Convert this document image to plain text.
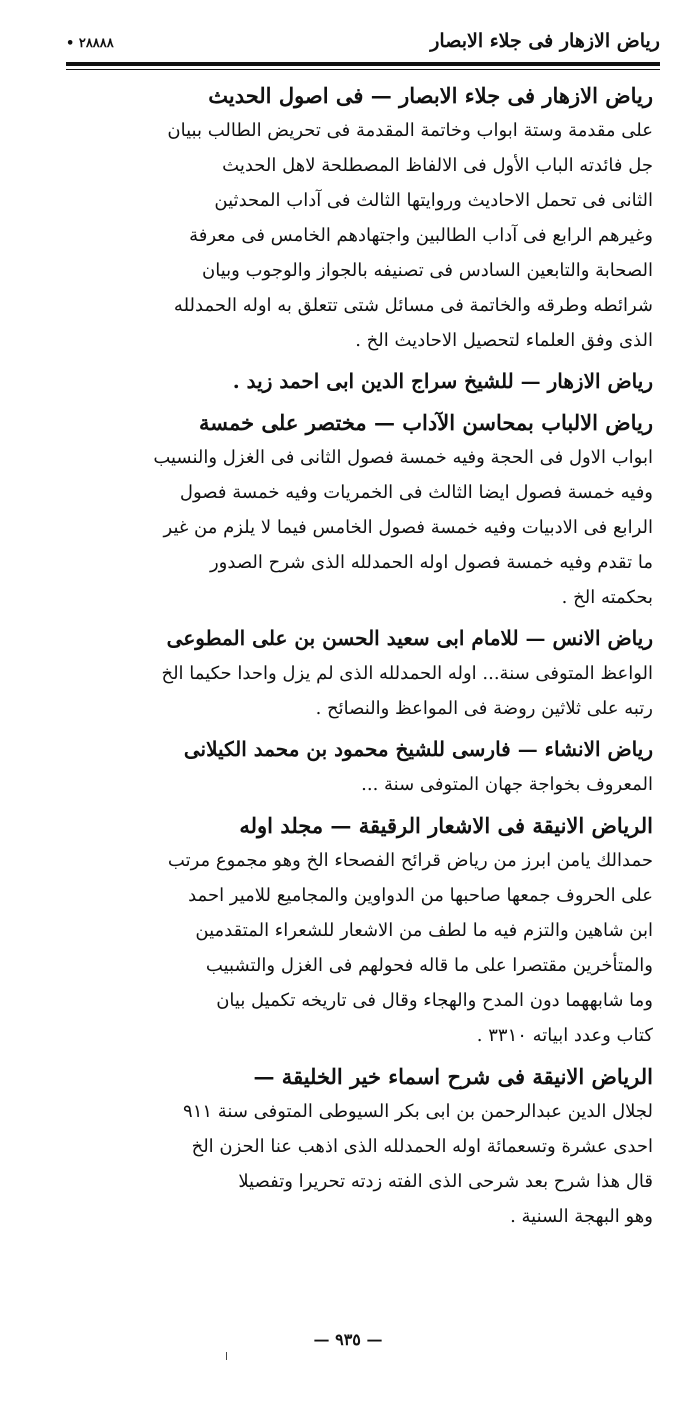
• ٢٨٨٨٨	رياض الازهار فى جلاء الابصار

رياض الازهار فى جلاء الابصار — فى اصول الحديث

على مقدمة وستة ابواب وخاتمة المقدمة فى تحريض الطالب ببيان

جل فائدته الباب الأول فى الالفاظ المصطلحة لاهل الحديث

الثانى فى تحمل الاحاديث وروايتها الثالث فى آداب المحدثين

وغيرهم الرابع فى آداب الطالبين واجتهادهم الخامس فى معرفة

الصحابة والتابعين السادس فى تصنيفه بالجواز والوجوب وبيان

شرائطه وطرقه والخاتمة فى مسائل شتى تتعلق به اوله الحمدلله

الذى وفق العلماء لتحصيل الاحاديث الخ .

رياض الازهار — للشيخ سراج الدين ابى احمد زيد .

رياض الالباب بمحاسن الآداب — مختصر على خمسة

ابواب الاول فى الحجة وفيه خمسة فصول الثانى فى الغزل والنسيب

وفيه خمسة فصول ايضا الثالث فى الخمريات وفيه خمسة فصول

الرابع فى الادبيات وفيه خمسة فصول الخامس فيما لا يلزم من غير

ما تقدم وفيه خمسة فصول اوله الحمدلله الذى شرح الصدور

بحكمته الخ .

رياض الانس — للامام ابى سعيد الحسن بن على المطوعى

الواعظ المتوفى سنة... اوله الحمدلله الذى لم يزل واحدا حكيما الخ

رتبه على ثلاثين روضة فى المواعظ والنصائح .

رياض الانشاء — فارسى للشيخ محمود بن محمد الكيلانى

المعروف بخواجة جهان المتوفى سنة ...

الرياض الانيقة فى الاشعار الرقيقة — مجلد اوله

حمدالك يامن ابرز من رياض قرائح الفصحاء الخ وهو مجموع مرتب

على الحروف جمعها صاحبها من الدواوين والمجاميع للامير احمد

ابن شاهين والتزم فيه ما لطف من الاشعار للشعراء المتقدمين

والمتأخرين مقتصرا على ما قاله فحولهم فى الغزل والتشبيب

وما شابههما دون المدح والهجاء وقال فى تاريخه تكميل بيان

كتاب وعدد ابياته ٣٣١٠ .

الرياض الانيقة فى شرح اسماء خير الخليقة —

لجلال الدين عبدالرحمن بن ابى بكر السيوطى المتوفى سنة ٩١١

احدى عشرة وتسعمائة اوله الحمدلله الذى اذهب عنا الحزن الخ

قال هذا شرح بعد شرحى الذى الفته زدته تحريرا وتفصيلا

وهو البهجة السنية .

— ٩٣٥ —
